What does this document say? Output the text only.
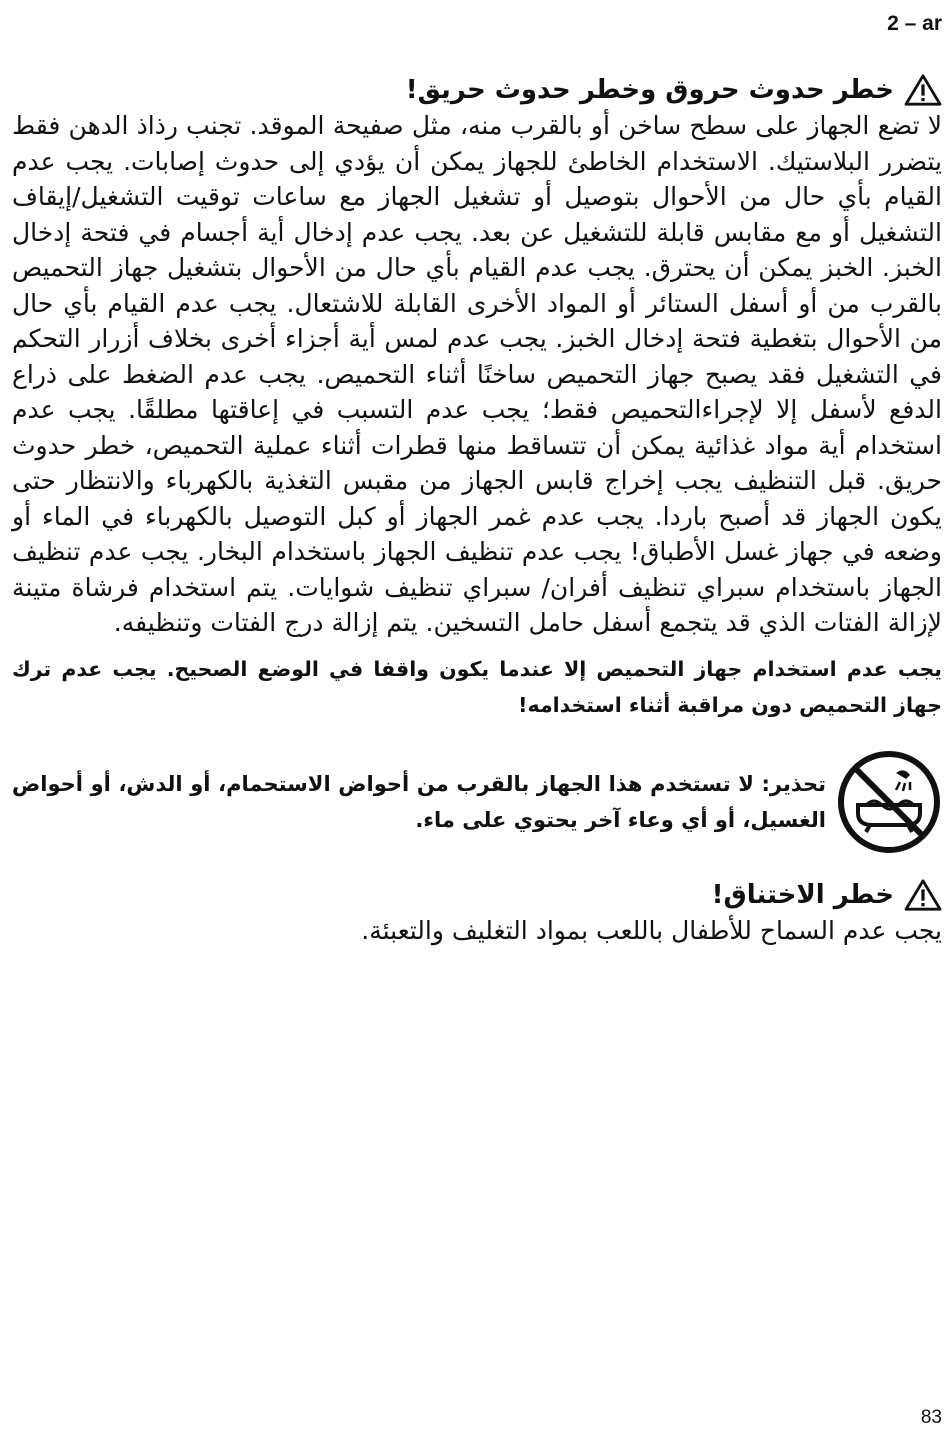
2 – ar
خطر حدوث حروق وخطر حدوث حريق!

لا تضع الجهاز على سطح ساخن أو بالقرب منه، مثل صفيحة الموقد. تجنب رذاذ الدهن فقط يتضرر البلاستيك. الاستخدام الخاطئ للجهاز يمكن أن يؤدي إلى حدوث إصابات. يجب عدم القيام بأي حال من الأحوال بتوصيل أو تشغيل الجهاز مع ساعات توقيت التشغيل/إيقاف التشغيل أو مع مقابس قابلة للتشغيل عن بعد. يجب عدم إدخال أية أجسام في فتحة إدخال الخبز. الخبز يمكن أن يحترق. يجب عدم القيام بأي حال من الأحوال بتشغيل جهاز التحميص بالقرب من أو أسفل الستائر أو المواد الأخرى القابلة للاشتعال. يجب عدم القيام بأي حال من الأحوال بتغطية فتحة إدخال الخبز. يجب عدم لمس أية أجزاء أخرى بخلاف أزرار التحكم في التشغيل فقد يصبح جهاز التحميص ساخنًا أثناء التحميص. يجب عدم الضغط على ذراع الدفع لأسفل إلا لإجراءالتحميص فقط؛ يجب عدم التسبب في إعاقتها مطلقًا. يجب عدم استخدام أية مواد غذائية يمكن أن تتساقط منها قطرات أثناء عملية التحميص، خطر حدوث حريق. قبل التنظيف يجب إخراج قابس الجهاز من مقبس التغذية بالكهرباء والانتظار حتى يكون الجهاز قد أصبح باردا. يجب عدم غمر الجهاز أو كبل التوصيل بالكهرباء في الماء أو وضعه في جهاز غسل الأطباق! يجب عدم تنظيف الجهاز باستخدام البخار. يجب عدم تنظيف الجهاز باستخدام سبراي تنظيف أفران/ سبراي تنظيف شوايات. يتم استخدام فرشاة متينة لإزالة الفتات الذي قد يتجمع أسفل حامل التسخين. يتم إزالة درج الفتات وتنظيفه.

يجب عدم استخدام جهاز التحميص إلا عندما يكون واقفا في الوضع الصحيح. يجب عدم ترك جهاز التحميص دون مراقبة أثناء استخدامه!

تحذير: لا تستخدم هذا الجهاز بالقرب من أحواض الاستحمام، أو الدش، أو أحواض الغسيل، أو أي وعاء آخر يحتوي على ماء.
خطر الاختناق!

يجب عدم السماح للأطفال باللعب بمواد التغليف والتعبئة.

83
